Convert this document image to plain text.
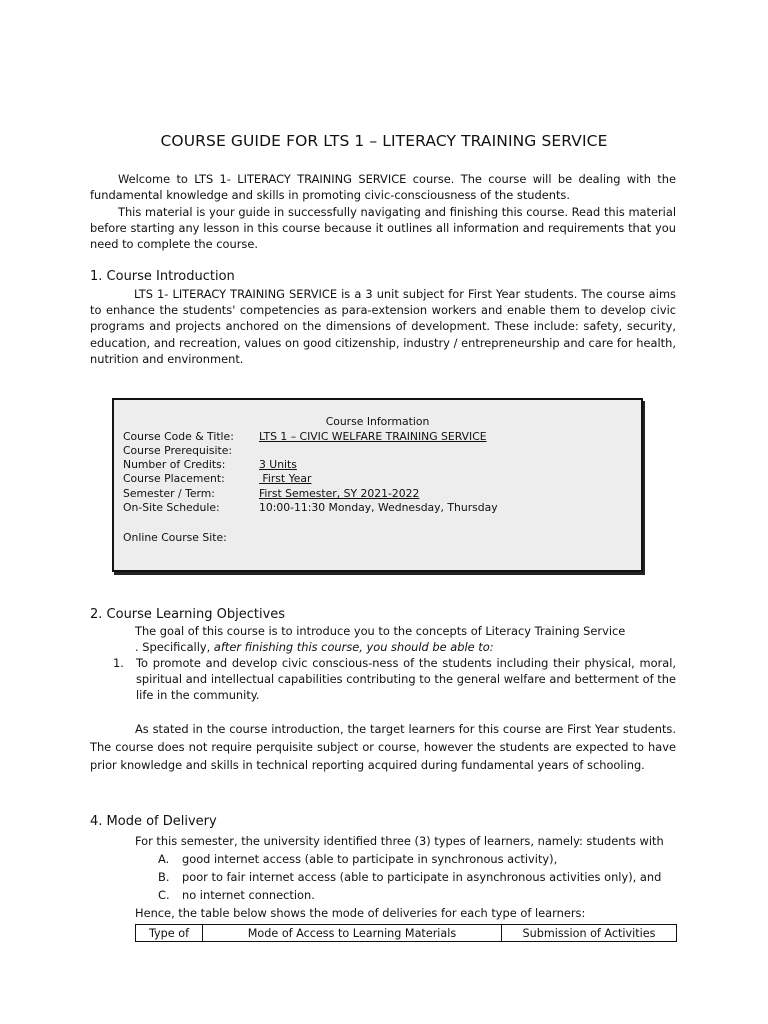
COURSE GUIDE FOR LTS 1 – LITERACY TRAINING SERVICE

Welcome to LTS 1- LITERACY TRAINING SERVICE course. The course will be dealing with the fundamental knowledge and skills in promoting civic-consciousness of the students.

This material is your guide in successfully navigating and finishing this course. Read this material before starting any lesson in this course because it outlines all information and requirements that you need to complete the course.

1. Course Introduction

LTS 1- LITERACY TRAINING SERVICE is a 3 unit subject for First Year students. The course aims to enhance the students' competencies as para-extension workers and enable them to develop civic programs and projects anchored on the dimensions of development. These include: safety, security, education, and recreation, values on good citizenship, industry / entrepreneurship and care for health, nutrition and environment.

Course Information
Course Code & Title:	LTS 1 – CIVIC WELFARE TRAINING SERVICE
Course Prerequisite:
Number of Credits:	3 Units
Course Placement:	First Year
Semester / Term:	First Semester, SY 2021-2022
On-Site Schedule:	10:00-11:30 Monday, Wednesday, Thursday
Online Course Site:
2. Course Learning Objectives
The goal of this course is to introduce you to the concepts of Literacy Training Service
. Specifically, after finishing this course, you should be able to:
1. To promote and develop civic conscious-ness of the students including their physical, moral, spiritual and intellectual capabilities contributing to the general welfare and betterment of the life in the community.

As stated in the course introduction, the target learners for this course are First Year students. The course does not require perquisite subject or course, however the students are expected to have prior knowledge and skills in technical reporting acquired during fundamental years of schooling.

4. Mode of Delivery
For this semester, the university identified three (3) types of learners, namely: students with
A. good internet access (able to participate in synchronous activity),
B. poor to fair internet access (able to participate in asynchronous activities only), and
C. no internet connection.
Hence, the table below shows the mode of deliveries for each type of learners:
Type of	Mode of Access to Learning Materials	Submission of Activities
